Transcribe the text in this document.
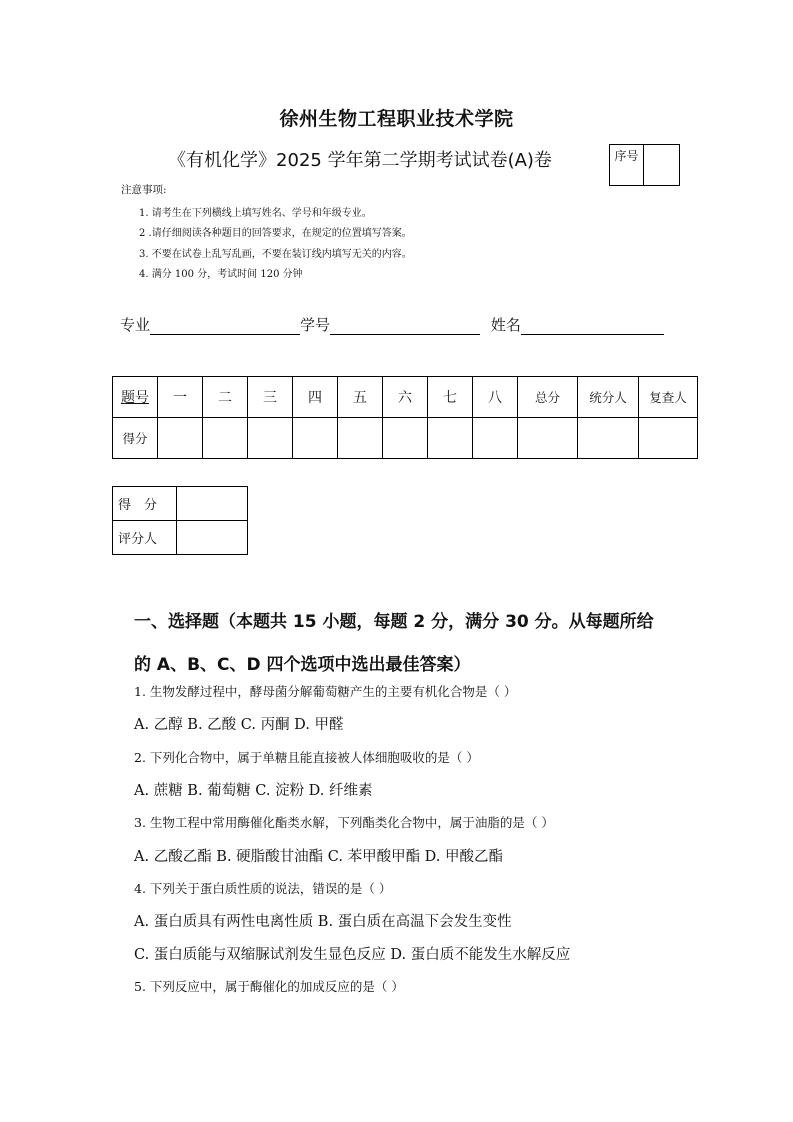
徐州生物工程职业技术学院
《有机化学》2025 学年第二学期考试试卷(A)卷	序号
注意事项:
1. 请考生在下列横线上填写姓名、学号和年级专业。
2 .请仔细阅读各种题目的回答要求，在规定的位置填写答案。
3. 不要在试卷上乱写乱画，不要在装订线内填写无关的内容。
4. 满分 100 分，考试时间 120 分钟
专业	学号	姓名
题号	一	二	三	四	五	六	七	八	总分	统分人	复查人
得分											
得　分	
评分人	
一、选择题（本题共 15 小题，每题 2 分，满分 30 分。从每题所给
的 A、B、C、D 四个选项中选出最佳答案）
1. 生物发酵过程中，酵母菌分解葡萄糖产生的主要有机化合物是（ ）
A. 乙醇 B. 乙酸 C. 丙酮 D. 甲醛
2. 下列化合物中，属于单糖且能直接被人体细胞吸收的是（ ）
A. 蔗糖 B. 葡萄糖 C. 淀粉 D. 纤维素
3. 生物工程中常用酶催化酯类水解，下列酯类化合物中，属于油脂的是（ ）
A. 乙酸乙酯 B. 硬脂酸甘油酯 C. 苯甲酸甲酯 D. 甲酸乙酯
4. 下列关于蛋白质性质的说法，错误的是（ ）
A. 蛋白质具有两性电离性质 B. 蛋白质在高温下会发生变性
C. 蛋白质能与双缩脲试剂发生显色反应 D. 蛋白质不能发生水解反应
5. 下列反应中，属于酶催化的加成反应的是（ ）
